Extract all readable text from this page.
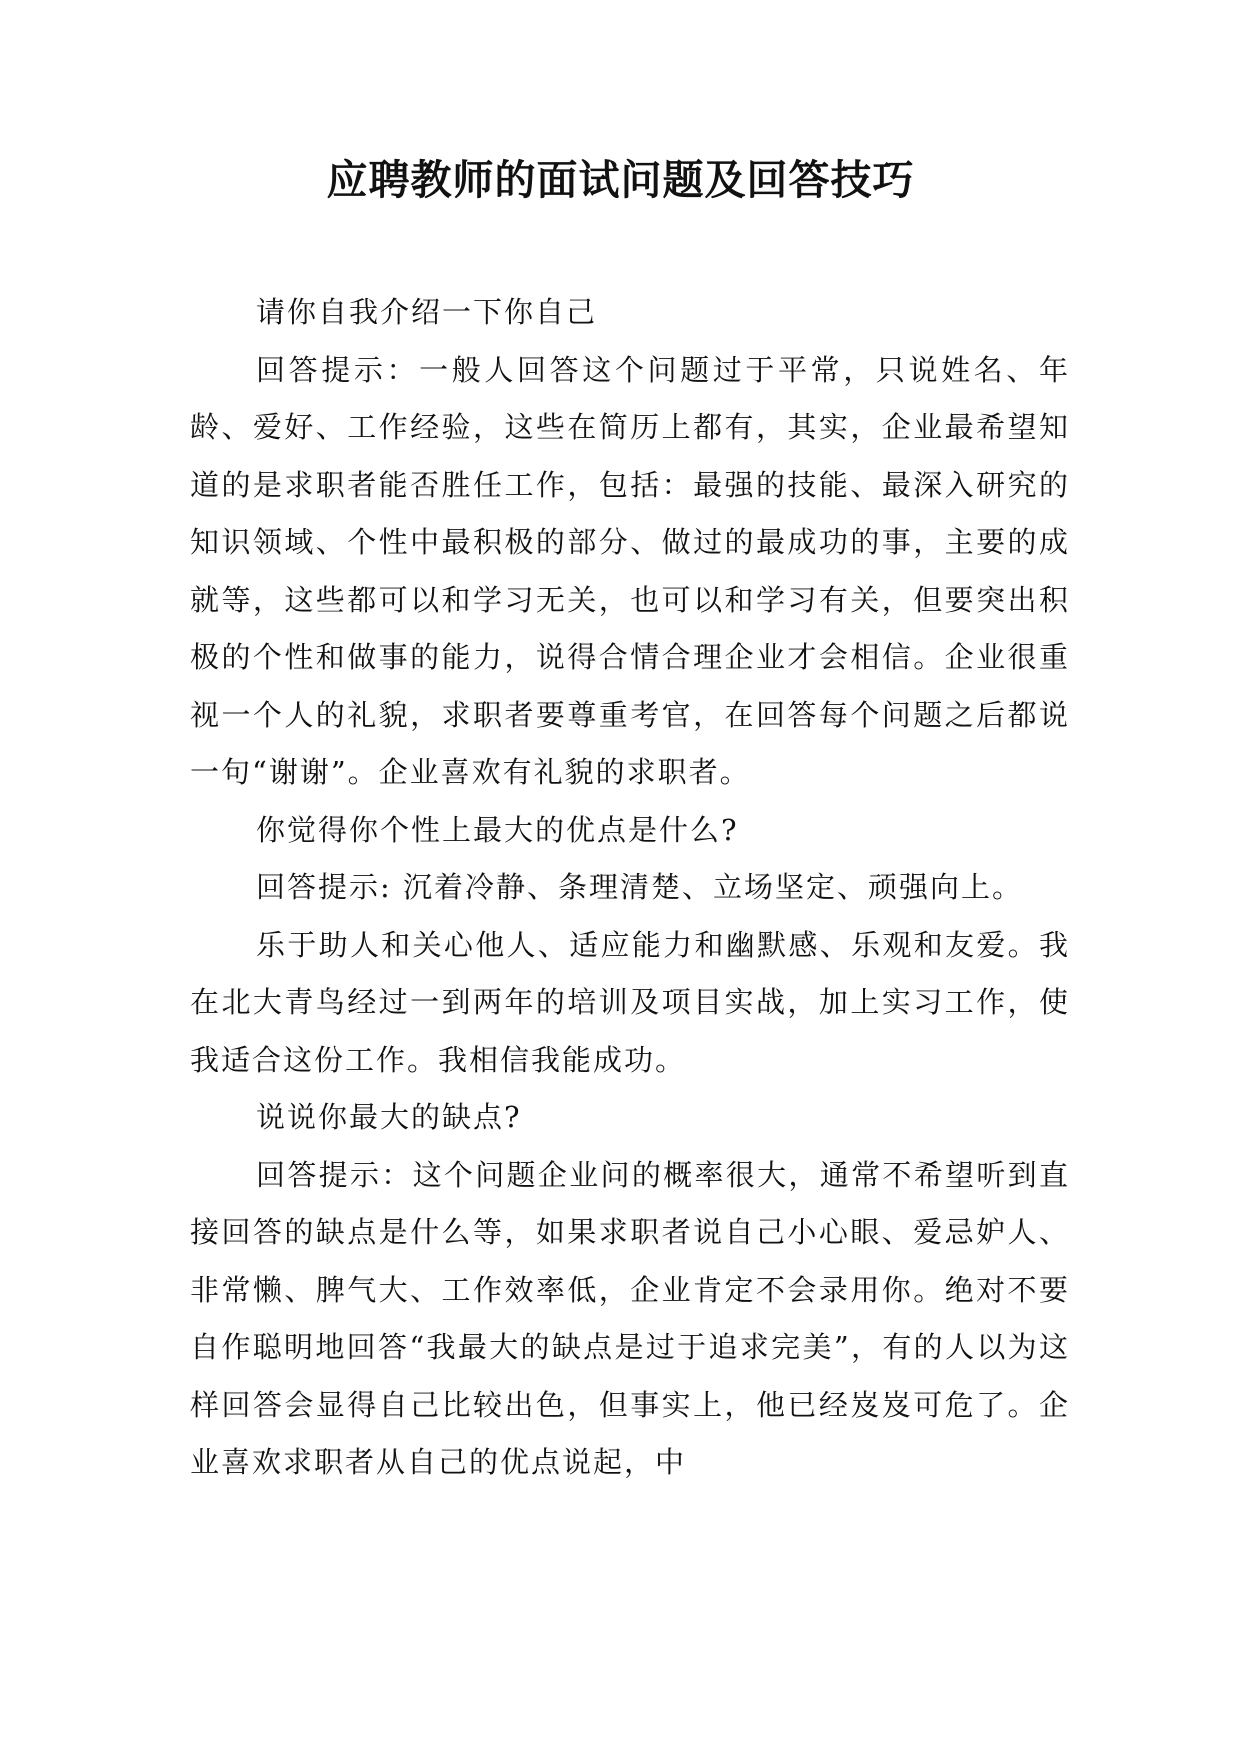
应聘教师的面试问题及回答技巧

请你自我介绍一下你自己

回答提示：一般人回答这个问题过于平常，只说姓名、年龄、爱好、工作经验，这些在简历上都有，其实，企业最希望知道的是求职者能否胜任工作，包括：最强的技能、最深入研究的知识领域、个性中最积极的部分、做过的最成功的事，主要的成就等，这些都可以和学习无关，也可以和学习有关，但要突出积极的个性和做事的能力，说得合情合理企业才会相信。企业很重视一个人的礼貌，求职者要尊重考官，在回答每个问题之后都说一句“谢谢”。企业喜欢有礼貌的求职者。

你觉得你个性上最大的优点是什么?

回答提示: 沉着冷静、条理清楚、立场坚定、顽强向上。

乐于助人和关心他人、适应能力和幽默感、乐观和友爱。我在北大青鸟经过一到两年的培训及项目实战，加上实习工作，使我适合这份工作。我相信我能成功。

说说你最大的缺点?

回答提示：这个问题企业问的概率很大，通常不希望听到直接回答的缺点是什么等，如果求职者说自己小心眼、爱忌妒人、非常懒、脾气大、工作效率低，企业肯定不会录用你。绝对不要自作聪明地回答“我最大的缺点是过于追求完美”，有的人以为这样回答会显得自己比较出色，但事实上，他已经岌岌可危了。企业喜欢求职者从自己的优点说起，中
